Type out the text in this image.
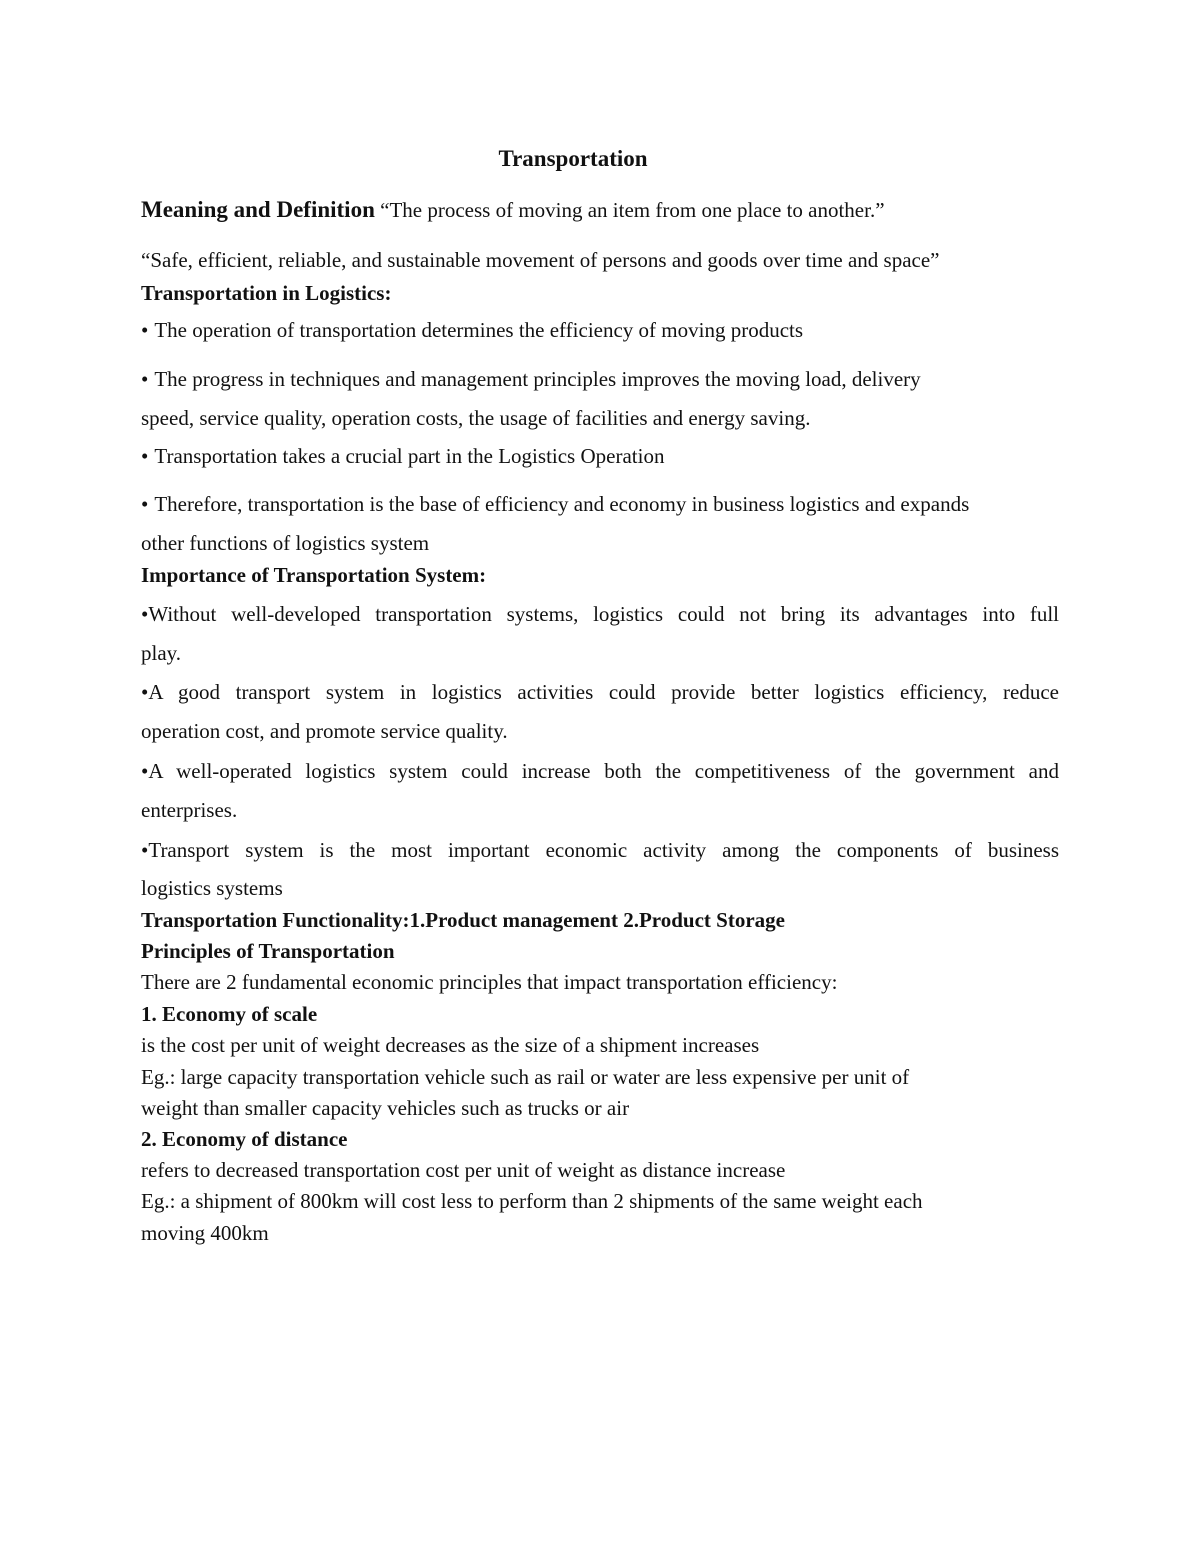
Transportation
Meaning and Definition “The process of moving an item from one place to another.”
“Safe, efficient, reliable, and sustainable movement of persons and goods over time and space”
Transportation in Logistics:
• The operation of transportation determines the efficiency of moving products
• The progress in techniques and management principles improves the moving load, delivery
speed, service quality, operation costs, the usage of facilities and energy saving.
• Transportation takes a crucial part in the Logistics Operation
• Therefore, transportation is the base of efficiency and economy in business logistics and expands
other functions of logistics system
Importance of Transportation System:
•Without well-developed transportation systems, logistics could not bring its advantages into full
play.
•A good transport system in logistics activities could provide better logistics efficiency, reduce
operation cost, and promote service quality.
•A well-operated logistics system could increase both the competitiveness of the government and
enterprises.
•Transport system is the most important economic activity among the components of business
logistics systems
Transportation Functionality:1.Product management 2.Product Storage
Principles of Transportation
There are 2 fundamental economic principles that impact transportation efficiency:
1. Economy of scale
is the cost per unit of weight decreases as the size of a shipment increases
Eg.: large capacity transportation vehicle such as rail or water are less expensive per unit of
weight than smaller capacity vehicles such as trucks or air
2. Economy of distance
refers to decreased transportation cost per unit of weight as distance increase
Eg.: a shipment of 800km will cost less to perform than 2 shipments of the same weight each
moving 400km
